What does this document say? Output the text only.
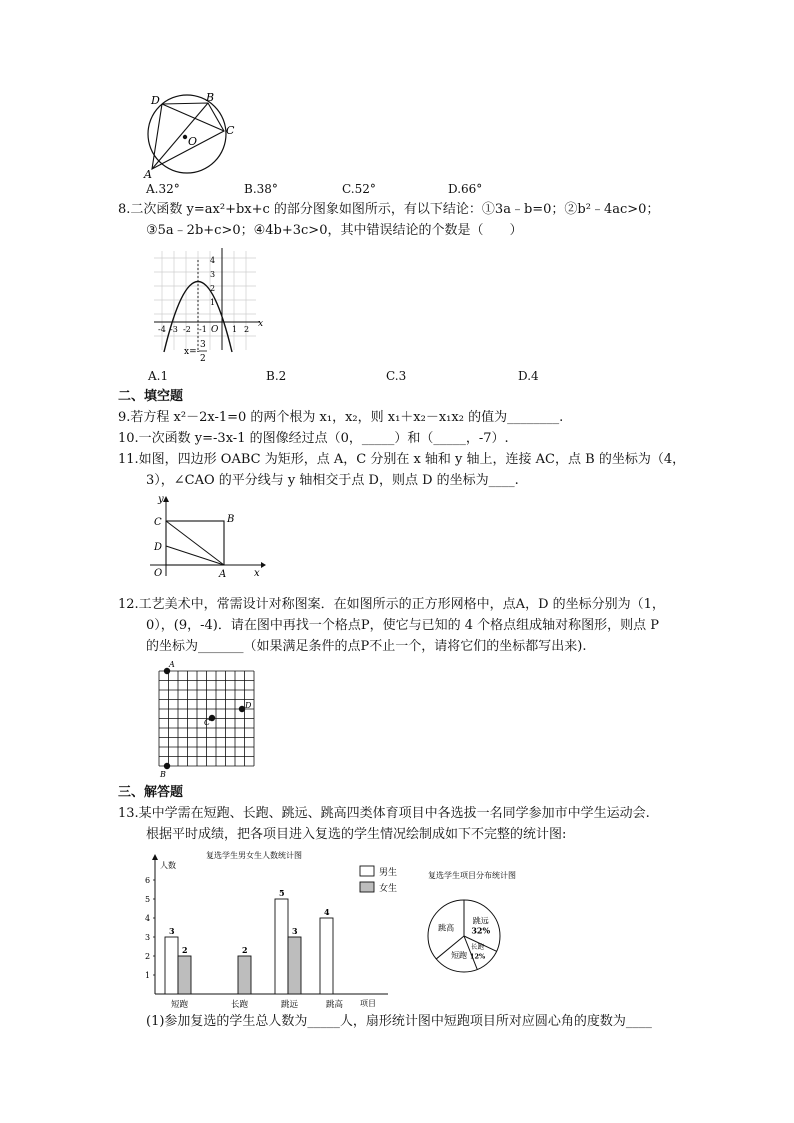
D	B
C
O
A
A.32°	B.38°	C.52°	D.66°
8.二次函数 y=ax²+bx+c 的部分图象如图所示，有以下结论：①3a﹣b=0；②b²﹣4ac>0；
③5a﹣2b+c>0；④4b+3c>0，其中错误结论的个数是（　　）
1
2
3
4
-4 -3 -2 -1 O 1 2
x
x=-
3
2
A.1	B.2	C.3	D.4
二、填空题
9.若方程 x²－2x-1=0 的两个根为 x₁，x₂，则 x₁＋x₂－x₁x₂ 的值为________.
10.一次函数 y=-3x-1 的图像经过点（0，_____）和（_____，-7）.
11.如图，四边形 OABC 为矩形，点 A，C 分别在 x 轴和 y 轴上，连接 AC，点 B 的坐标为（4，
3），∠CAO 的平分线与 y 轴相交于点 D，则点 D 的坐标为____.
y
C	B
D
O	A	x
12.工艺美术中，常需设计对称图案．在如图所示的正方形网格中，点A，D 的坐标分别为（1，
0），(9，-4)．请在图中再找一个格点P，使它与已知的 4 个格点组成轴对称图形，则点 P
的坐标为_______（如果满足条件的点P不止一个，请将它们的坐标都写出来).
A
B
C
D
三、解答题
13.某中学需在短跑、长跑、跳远、跳高四类体育项目中各选拔一名同学参加市中学生运动会.
根据平时成绩，把各项目进入复选的学生情况绘制成如下不完整的统计图:
复选学生男女生人数统计图
人数
1
2
3
4
5
6
3
2	2
5
3
4
短跑	长跑	跳远	跳高 项目
男生
女生
复选学生项目分布统计图
跳远
32%
长跑
12%
短跑
跳高
(1)参加复选的学生总人数为_____人，扇形统计图中短跑项目所对应圆心角的度数为____
